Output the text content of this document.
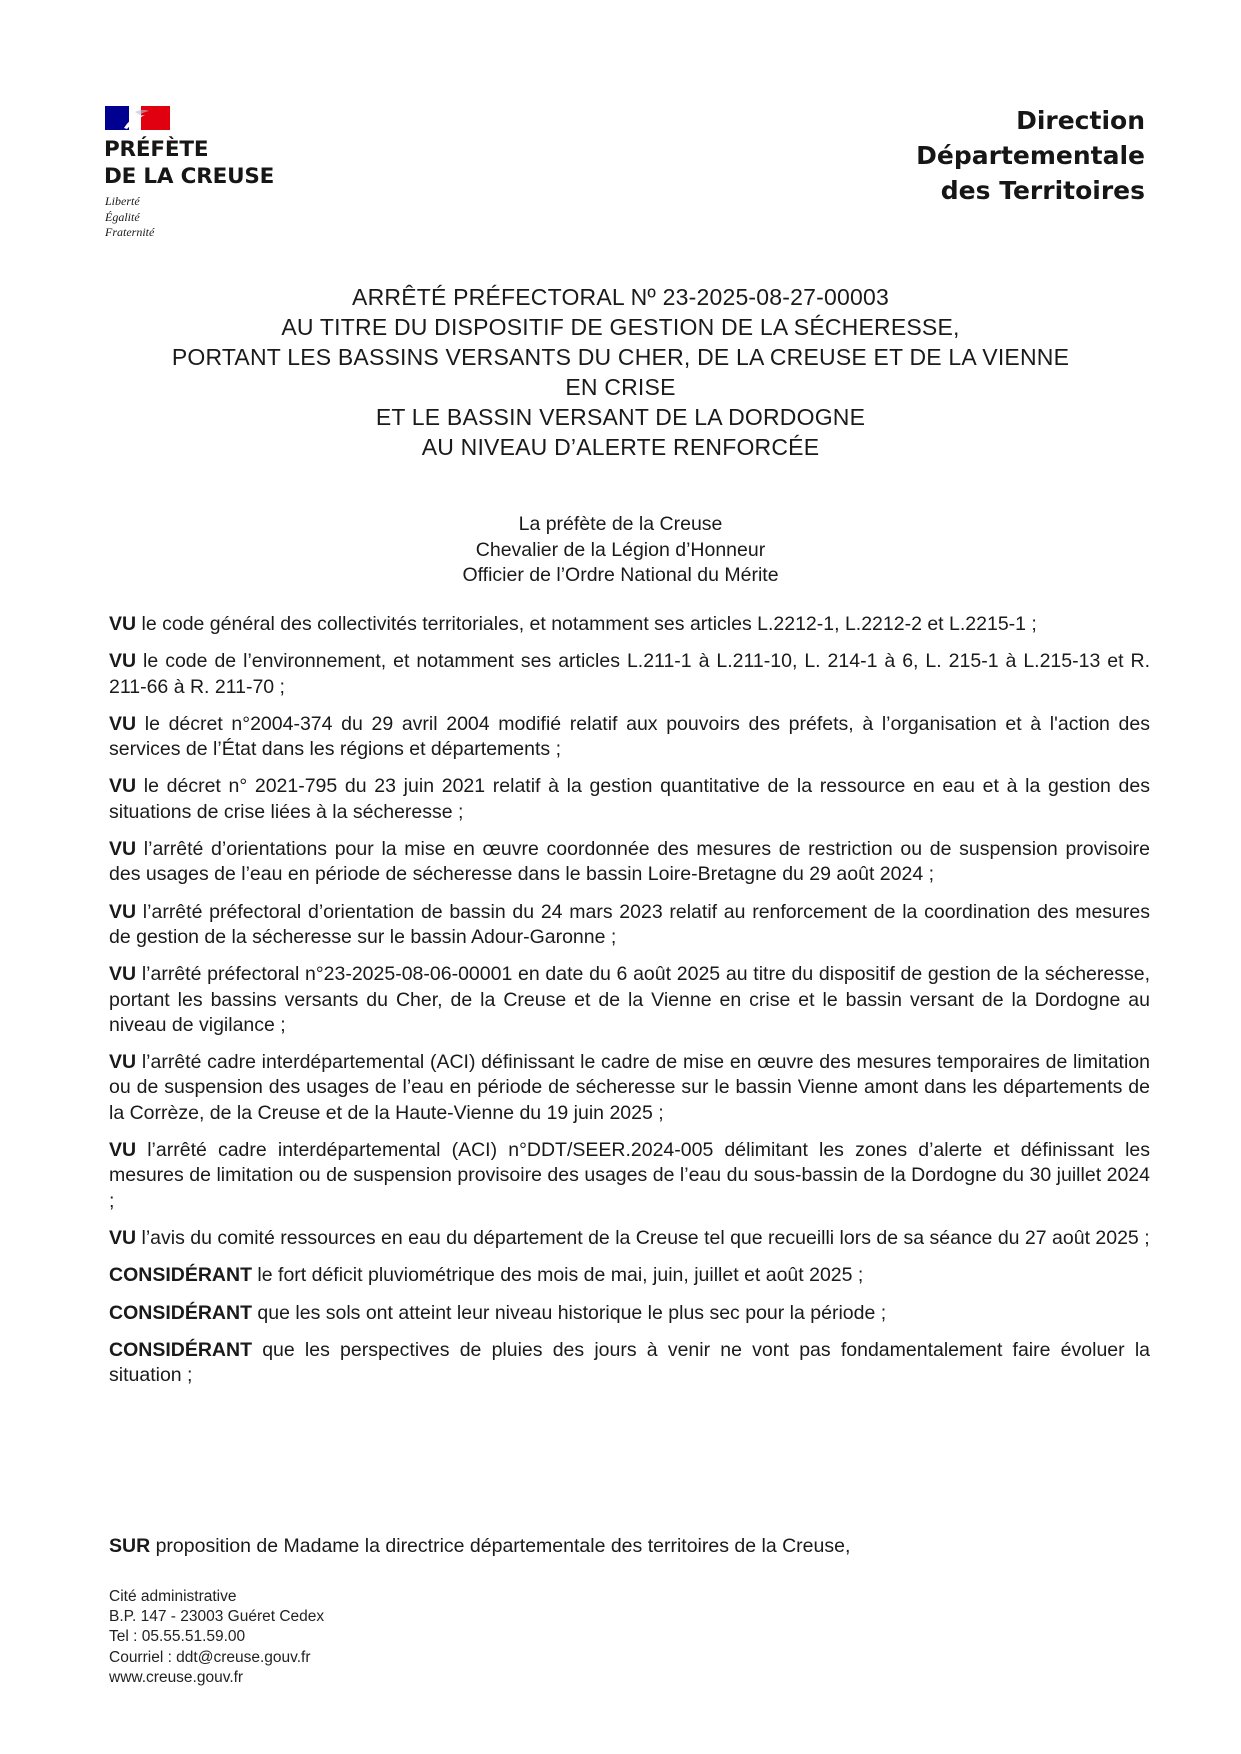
PRÉFÈTE
DE LA CREUSE
Liberté
Égalité
Fraternité
Direction
Départementale
des Territoires
ARRÊTÉ PRÉFECTORAL Nº 23-2025-08-27-00003
AU TITRE DU DISPOSITIF DE GESTION DE LA SÉCHERESSE,
PORTANT LES BASSINS VERSANTS DU CHER, DE LA CREUSE ET DE LA VIENNE
EN CRISE
ET LE BASSIN VERSANT DE LA DORDOGNE
AU NIVEAU D’ALERTE RENFORCÉE
La préfète de la Creuse
Chevalier de la Légion d’Honneur
Officier de l’Ordre National du Mérite

VU le code général des collectivités territoriales, et notamment ses articles L.2212-1, L.2212-2 et L.2215-1 ;

VU le code de l’environnement, et notamment ses articles L.211-1 à L.211-10, L. 214-1 à 6, L. 215-1 à L.215-13 et R. 211-66 à R. 211-70 ;

VU le décret n°2004-374 du 29 avril 2004 modifié relatif aux pouvoirs des préfets, à l’organisation et à l'action des services de l’État dans les régions et départements ;

VU le décret n° 2021-795 du 23 juin 2021 relatif à la gestion quantitative de la ressource en eau et à la gestion des situations de crise liées à la sécheresse ;

VU l’arrêté d’orientations pour la mise en œuvre coordonnée des mesures de restriction ou de suspension provisoire des usages de l’eau en période de sécheresse dans le bassin Loire-Bretagne du 29 août 2024 ;

VU l’arrêté préfectoral d’orientation de bassin du 24 mars 2023 relatif au renforcement de la coordination des mesures de gestion de la sécheresse sur le bassin Adour-Garonne ;

VU l’arrêté préfectoral n°23-2025-08-06-00001 en date du 6 août 2025 au titre du dispositif de gestion de la sécheresse, portant les bassins versants du Cher, de la Creuse et de la Vienne en crise et le bassin versant de la Dordogne au niveau de vigilance ;

VU l’arrêté cadre interdépartemental (ACI) définissant le cadre de mise en œuvre des mesures temporaires de limitation ou de suspension des usages de l’eau en période de sécheresse sur le bassin Vienne amont dans les départements de la Corrèze, de la Creuse et de la Haute-Vienne du 19 juin 2025 ;

VU l’arrêté cadre interdépartemental (ACI) n°DDT/SEER.2024-005 délimitant les zones d’alerte et définissant les mesures de limitation ou de suspension provisoire des usages de l’eau du sous-bassin de la Dordogne du 30 juillet 2024 ;

VU l’avis du comité ressources en eau du département de la Creuse tel que recueilli lors de sa séance du 27 août 2025 ;

CONSIDÉRANT le fort déficit pluviométrique des mois de mai, juin, juillet et août 2025 ;

CONSIDÉRANT que les sols ont atteint leur niveau historique le plus sec pour la période ;

CONSIDÉRANT que les perspectives de pluies des jours à venir ne vont pas fondamentalement faire évoluer la situation ;

SUR proposition de Madame la directrice départementale des territoires de la Creuse,
Cité administrative
B.P. 147 - 23003 Guéret Cedex
Tel : 05.55.51.59.00
Courriel : ddt@creuse.gouv.fr
www.creuse.gouv.fr
